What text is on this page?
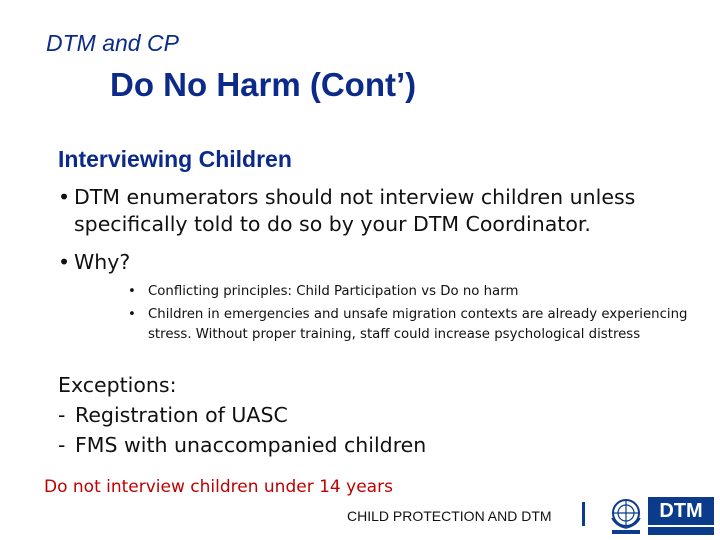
DTM and CP
Do No Harm (Cont’)
Interviewing Children
• DTM enumerators should not interview children unless specifically told to do so by your DTM Coordinator.
• Why?
• Conflicting principles: Child Participation vs Do no harm
• Children in emergencies and unsafe migration contexts are already experiencing stress. Without proper training, staff could increase psychological distress
Exceptions:
- Registration of UASC
- FMS with unaccompanied children
Do not interview children under 14 years
CHILD PROTECTION AND DTM	DTM
